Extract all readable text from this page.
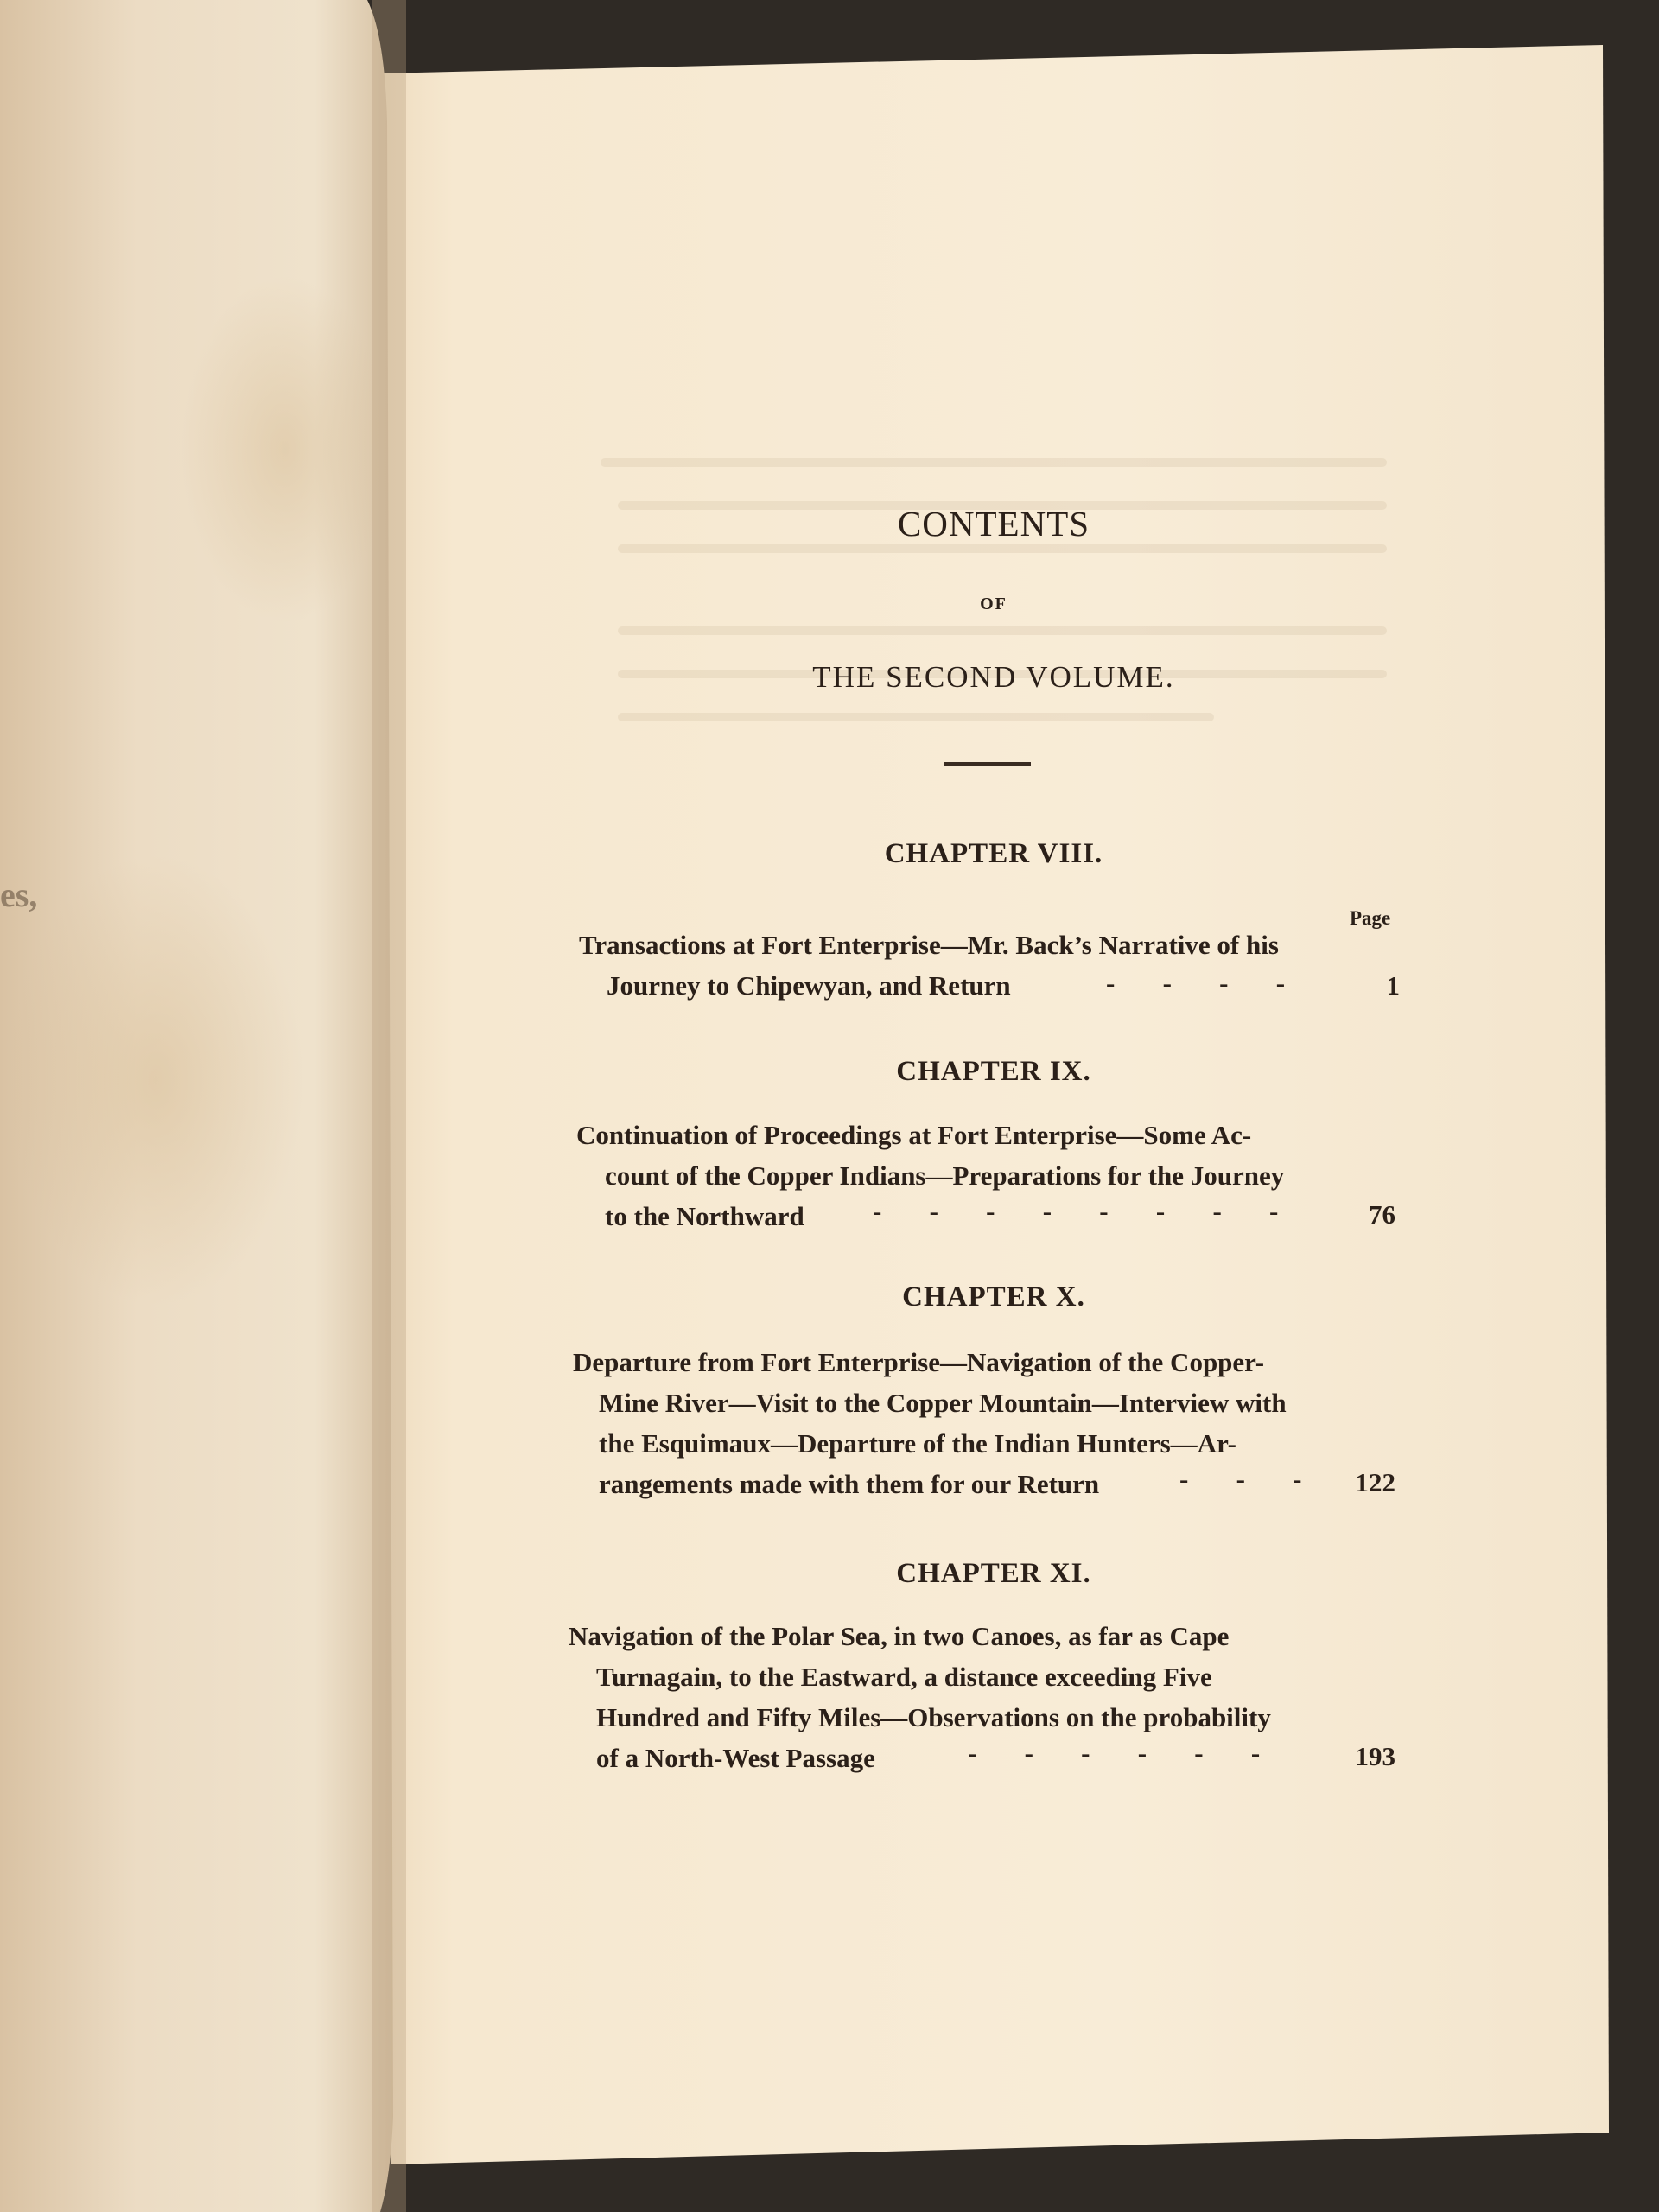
es,
CONTENTS
OF
THE SECOND VOLUME.
CHAPTER VIII.
Page
Transactions at Fort Enterprise—Mr. Back’s Narrative of his
Journey to Chipewyan, and Return	-   -   -   -	1
CHAPTER IX.
Continuation of Proceedings at Fort Enterprise—Some Ac-
count of the Copper Indians—Preparations for the Journey
to the Northward	-   -   -   -   -   -   -   -	76
CHAPTER X.
Departure from Fort Enterprise—Navigation of the Copper-
Mine River—Visit to the Copper Mountain—Interview with
the Esquimaux—Departure of the Indian Hunters—Ar-
rangements made with them for our Return	-   -   -	122
CHAPTER XI.
Navigation of the Polar Sea, in two Canoes, as far as Cape
Turnagain, to the Eastward, a distance exceeding Five
Hundred and Fifty Miles—Observations on the probability
of a North-West Passage	-   -   -   -   -   -	193
